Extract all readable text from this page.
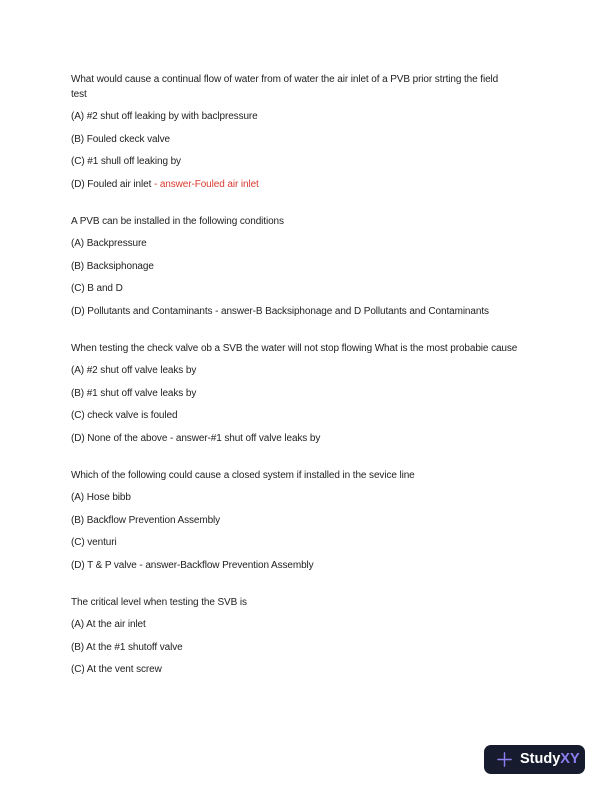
What would cause a continual flow of water from of water the air inlet of a PVB prior strting the field

test

(A) #2 shut off leaking by with baclpressure

(B) Fouled ckeck valve

(C) #1 shull off leaking by

(D) Fouled air inlet - answer-Fouled air inlet

A PVB can be installed in the following conditions

(A) Backpressure

(B) Backsiphonage

(C) B and D

(D) Pollutants and Contaminants - answer-B Backsiphonage and D Pollutants and Contaminants

When testing the check valve ob a SVB the water will not stop flowing What is the most probabie cause

(A) #2 shut off valve leaks by

(B) #1 shut off valve leaks by

(C) check valve is fouled

(D) None of the above - answer-#1 shut off valve leaks by

Which of the following could cause a closed system if installed in the sevice line

(A) Hose bibb

(B) Backflow Prevention Assembly

(C) venturi

(D) T & P valve - answer-Backflow Prevention Assembly

The critical level when testing the SVB is

(A) At the air inlet

(B) At the #1 shutoff valve

(C) At the vent screw

StudyXY
